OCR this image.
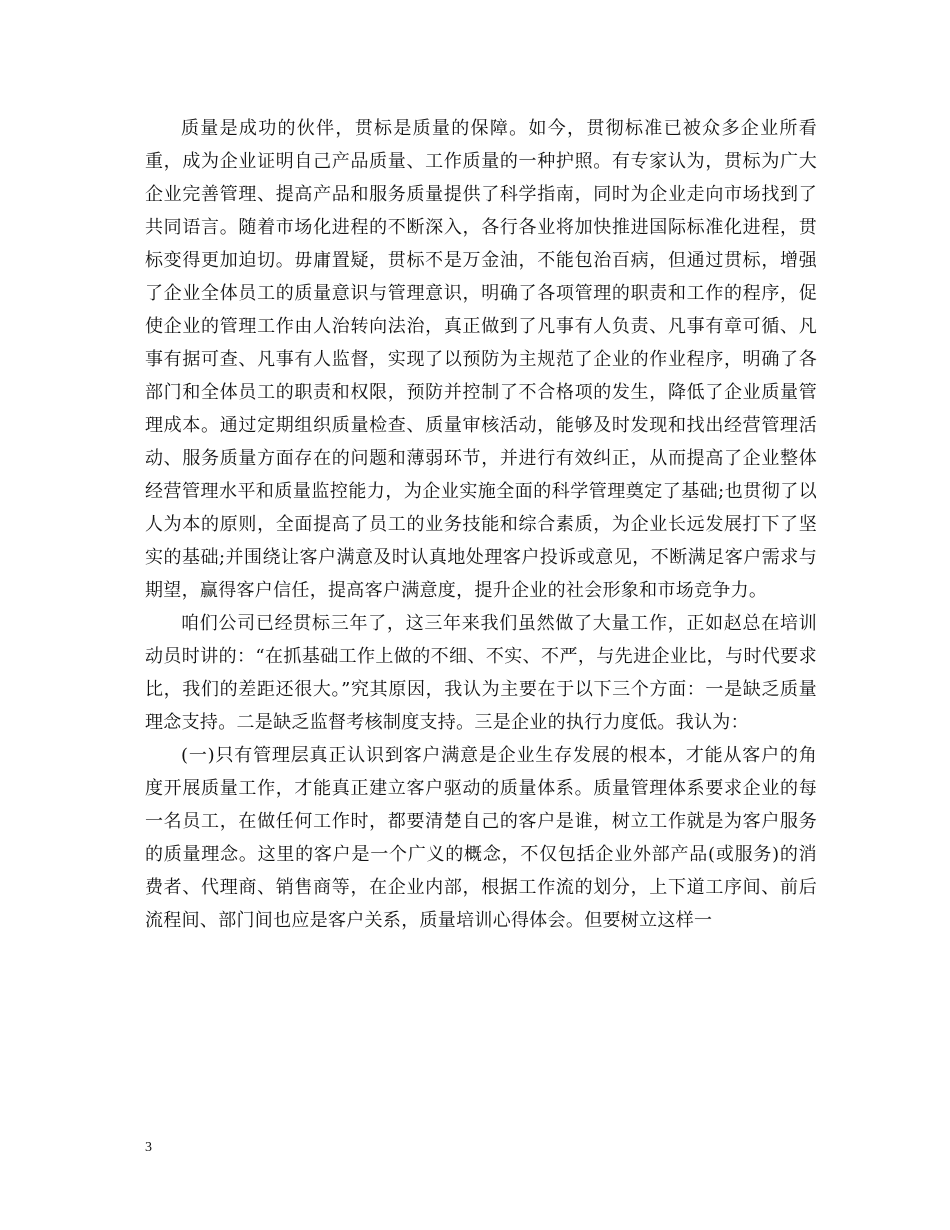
质量是成功的伙伴，贯标是质量的保障。如今，贯彻标准已被众多企业所看重，成为企业证明自己产品质量、工作质量的一种护照。有专家认为，贯标为广大企业完善管理、提高产品和服务质量提供了科学指南，同时为企业走向市场找到了共同语言。随着市场化进程的不断深入，各行各业将加快推进国际标准化进程，贯标变得更加迫切。毋庸置疑，贯标不是万金油，不能包治百病，但通过贯标，增强了企业全体员工的质量意识与管理意识，明确了各项管理的职责和工作的程序，促使企业的管理工作由人治转向法治，真正做到了凡事有人负责、凡事有章可循、凡事有据可查、凡事有人监督，实现了以预防为主规范了企业的作业程序，明确了各部门和全体员工的职责和权限，预防并控制了不合格项的发生，降低了企业质量管理成本。通过定期组织质量检查、质量审核活动，能够及时发现和找出经营管理活动、服务质量方面存在的问题和薄弱环节，并进行有效纠正，从而提高了企业整体经营管理水平和质量监控能力，为企业实施全面的科学管理奠定了基础;也贯彻了以人为本的原则，全面提高了员工的业务技能和综合素质，为企业长远发展打下了坚实的基础;并围绕让客户满意及时认真地处理客户投诉或意见，不断满足客户需求与期望，赢得客户信任，提高客户满意度，提升企业的社会形象和市场竞争力。

咱们公司已经贯标三年了，这三年来我们虽然做了大量工作，正如赵总在培训动员时讲的：“在抓基础工作上做的不细、不实、不严，与先进企业比，与时代要求比，我们的差距还很大。”究其原因，我认为主要在于以下三个方面：一是缺乏质量理念支持。二是缺乏监督考核制度支持。三是企业的执行力度低。我认为：

(一)只有管理层真正认识到客户满意是企业生存发展的根本，才能从客户的角度开展质量工作，才能真正建立客户驱动的质量体系。质量管理体系要求企业的每一名员工，在做任何工作时，都要清楚自己的客户是谁，树立工作就是为客户服务的质量理念。这里的客户是一个广义的概念，不仅包括企业外部产品(或服务)的消费者、代理商、销售商等，在企业内部，根据工作流的划分，上下道工序间、前后流程间、部门间也应是客户关系，质量培训心得体会。但要树立这样一

3
